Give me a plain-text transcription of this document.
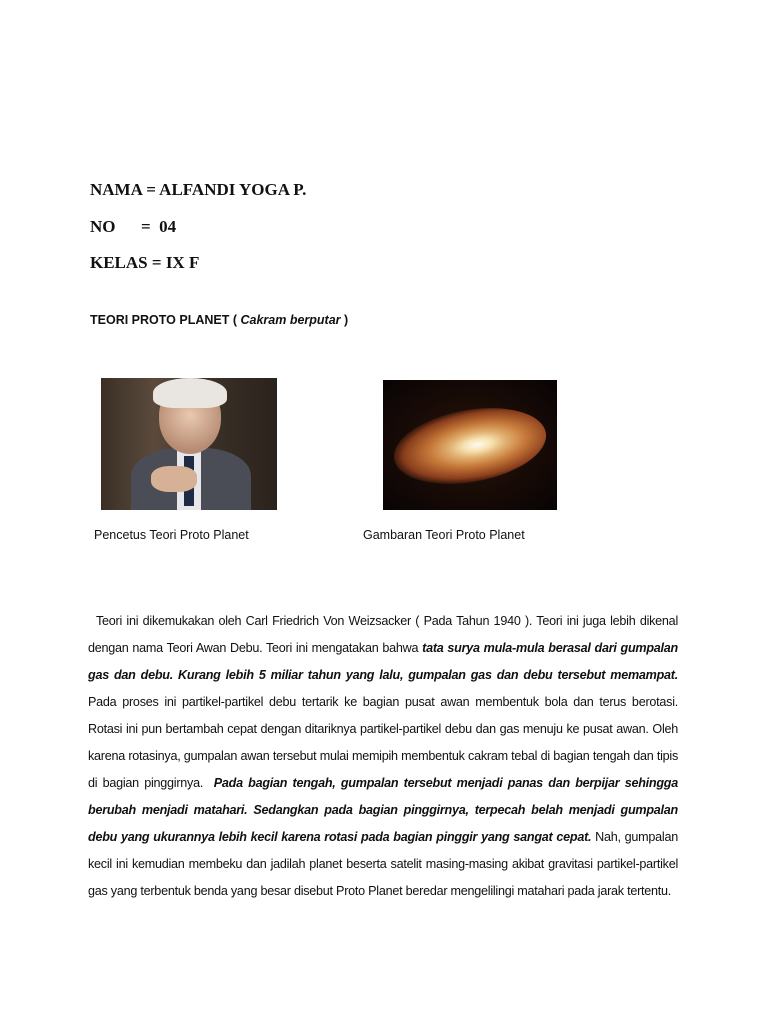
NAMA = ALFANDI YOGA P.
NO      =  04
KELAS = IX F
TEORI PROTO PLANET ( Cakram berputar )
Pencetus Teori Proto Planet	Gambaran Teori Proto Planet

Teori ini dikemukakan oleh Carl Friedrich Von Weizsacker ( Pada Tahun 1940 ). Teori ini juga lebih dikenal dengan nama Teori Awan Debu. Teori ini mengatakan bahwa tata surya mula-mula berasal dari gumpalan gas dan debu. Kurang lebih 5 miliar tahun yang lalu, gumpalan gas dan debu tersebut memampat. Pada proses ini partikel-partikel debu tertarik ke bagian pusat awan membentuk bola dan terus berotasi. Rotasi ini pun bertambah cepat dengan ditariknya partikel-partikel debu dan gas menuju ke pusat awan. Oleh karena rotasinya, gumpalan awan tersebut mulai memipih membentuk cakram tebal di bagian tengah dan tipis di bagian pinggirnya.  Pada bagian tengah, gumpalan tersebut menjadi panas dan berpijar sehingga berubah menjadi matahari. Sedangkan pada bagian pinggirnya, terpecah belah menjadi gumpalan debu yang ukurannya lebih kecil karena rotasi pada bagian pinggir yang sangat cepat. Nah, gumpalan kecil ini kemudian membeku dan jadilah planet beserta satelit masing-masing akibat gravitasi partikel-partikel gas yang terbentuk benda yang besar disebut Proto Planet beredar mengelilingi matahari pada jarak tertentu.
